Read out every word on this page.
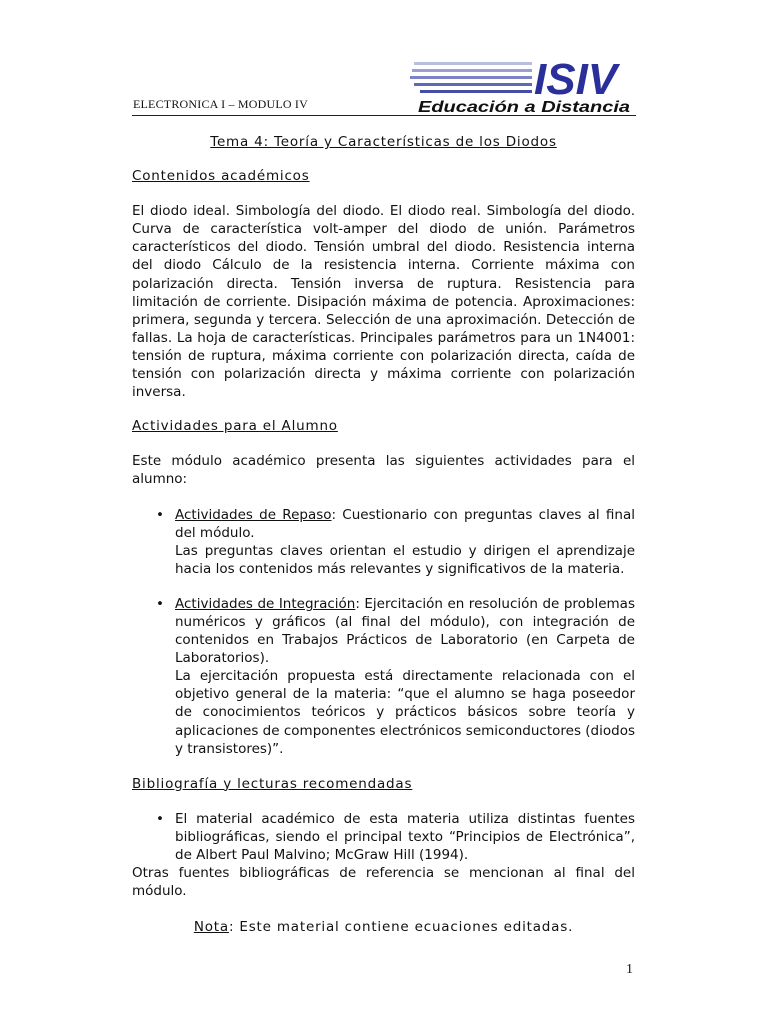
ELECTRONICA I – MODULO IV	ISIV
Educación a Distancia

Tema 4: Teoría y Características de los Diodos

Contenidos académicos

El diodo ideal. Simbología del diodo. El diodo real. Simbología del diodo. Curva de característica volt-amper del diodo de unión. Parámetros característicos del diodo. Tensión umbral del diodo. Resistencia interna del diodo Cálculo de la resistencia interna. Corriente máxima con polarización directa. Tensión inversa de ruptura. Resistencia para limitación de corriente. Disipación máxima de potencia. Aproximaciones: primera, segunda y tercera. Selección de una aproximación. Detección de fallas. La hoja de características. Principales parámetros para un 1N4001: tensión de ruptura, máxima corriente con polarización directa, caída de tensión con polarización directa y máxima corriente con polarización inversa.

Actividades para el Alumno

Este módulo académico presenta las siguientes actividades para el alumno:

• Actividades de Repaso: Cuestionario con preguntas claves al final del módulo.
Las preguntas claves orientan el estudio y dirigen el aprendizaje hacia los contenidos más relevantes y significativos de la materia.
• Actividades de Integración: Ejercitación en resolución de problemas numéricos y gráficos (al final del módulo), con integración de contenidos en Trabajos Prácticos de Laboratorio (en Carpeta de Laboratorios).
La ejercitación propuesta está directamente relacionada con el objetivo general de la materia: “que el alumno se haga poseedor de conocimientos teóricos y prácticos básicos sobre teoría y aplicaciones de componentes electrónicos semiconductores (diodos y transistores)”.

Bibliografía y lecturas recomendadas

• El material académico de esta materia utiliza distintas fuentes bibliográficas, siendo el principal texto “Principios de Electrónica”, de Albert Paul Malvino; McGraw Hill (1994).

Otras fuentes bibliográficas de referencia se mencionan al final del módulo.

Nota: Este material contiene ecuaciones editadas.

1
